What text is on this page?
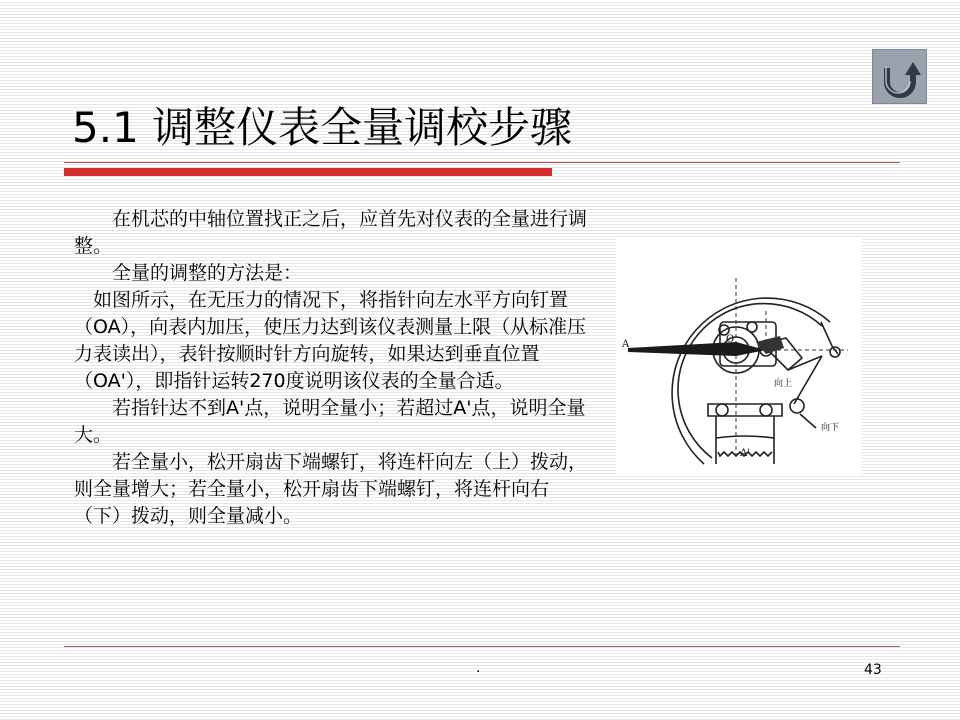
5.1 调整仪表全量调校步骤

　　在机芯的中轴位置找正之后，应首先对仪表的全量进行调整。

　　全量的调整的方法是：

　如图所示，在无压力的情况下，将指针向左水平方向钉置（OA），向表内加压，使压力达到该仪表测量上限（从标准压力表读出），表针按顺时针方向旋转，如果达到垂直位置（OA'），即指针运转270度说明该仪表的全量合适。

　　若指针达不到A'点，说明全量小；若超过A'点，说明全量大。

　　若全量小，松开扇齿下端螺钉，将连杆向左（上）拨动，则全量增大；若全量小，松开扇齿下端螺钉，将连杆向右（下）拨动，则全量减小。

A
A'
O
向上
向下
.	43
